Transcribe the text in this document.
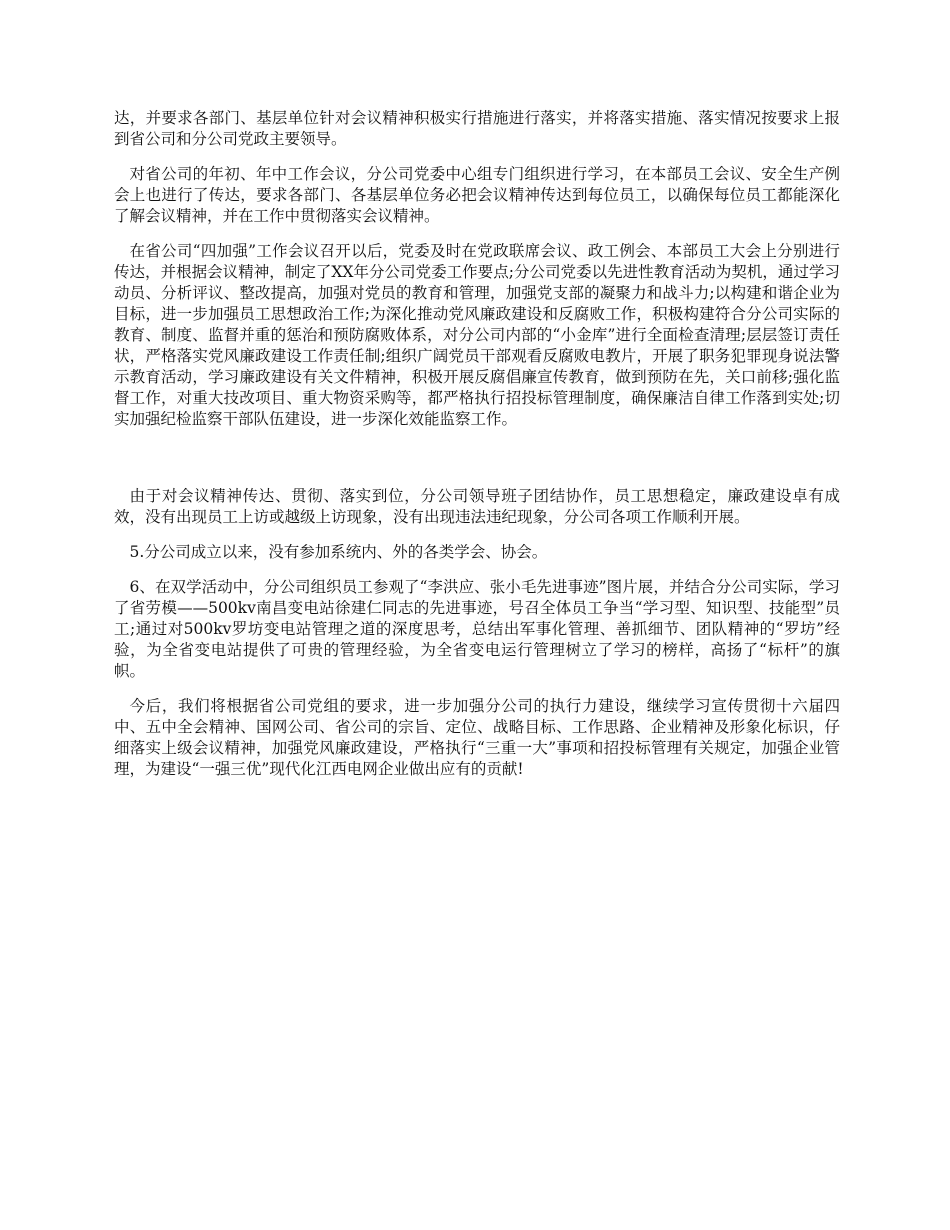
达，并要求各部门、基层单位针对会议精神积极实行措施进行落实，并将落实措施、落实情况按要求上报到省公司和分公司党政主要领导。

对省公司的年初、年中工作会议，分公司党委中心组专门组织进行学习，在本部员工会议、安全生产例会上也进行了传达，要求各部门、各基层单位务必把会议精神传达到每位员工，以确保每位员工都能深化了解会议精神，并在工作中贯彻落实会议精神。

在省公司“四加强”工作会议召开以后，党委及时在党政联席会议、政工例会、本部员工大会上分别进行传达，并根据会议精神，制定了XX年分公司党委工作要点;分公司党委以先进性教育活动为契机，通过学习动员、分析评议、整改提高，加强对党员的教育和管理，加强党支部的凝聚力和战斗力;以构建和谐企业为目标，进一步加强员工思想政治工作;为深化推动党风廉政建设和反腐败工作，积极构建符合分公司实际的教育、制度、监督并重的惩治和预防腐败体系，对分公司内部的“小金库”进行全面检查清理;层层签订责任状，严格落实党风廉政建设工作责任制;组织广阔党员干部观看反腐败电教片，开展了职务犯罪现身说法警示教育活动，学习廉政建设有关文件精神，积极开展反腐倡廉宣传教育，做到预防在先，关口前移;强化监督工作，对重大技改项目、重大物资采购等，都严格执行招投标管理制度，确保廉洁自律工作落到实处;切实加强纪检监察干部队伍建设，进一步深化效能监察工作。

由于对会议精神传达、贯彻、落实到位，分公司领导班子团结协作，员工思想稳定，廉政建设卓有成效，没有出现员工上访或越级上访现象，没有出现违法违纪现象，分公司各项工作顺利开展。

5.分公司成立以来，没有参加系统内、外的各类学会、协会。

6、在双学活动中，分公司组织员工参观了“李洪应、张小毛先进事迹”图片展，并结合分公司实际，学习了省劳模——500kv南昌变电站徐建仁同志的先进事迹，号召全体员工争当“学习型、知识型、技能型”员工;通过对500kv罗坊变电站管理之道的深度思考，总结出军事化管理、善抓细节、团队精神的“罗坊”经验，为全省变电站提供了可贵的管理经验，为全省变电运行管理树立了学习的榜样，高扬了“标杆”的旗帜。

今后，我们将根据省公司党组的要求，进一步加强分公司的执行力建设，继续学习宣传贯彻十六届四中、五中全会精神、国网公司、省公司的宗旨、定位、战略目标、工作思路、企业精神及形象化标识，仔细落实上级会议精神，加强党风廉政建设，严格执行“三重一大”事项和招投标管理有关规定，加强企业管理，为建设“一强三优”现代化江西电网企业做出应有的贡献!
